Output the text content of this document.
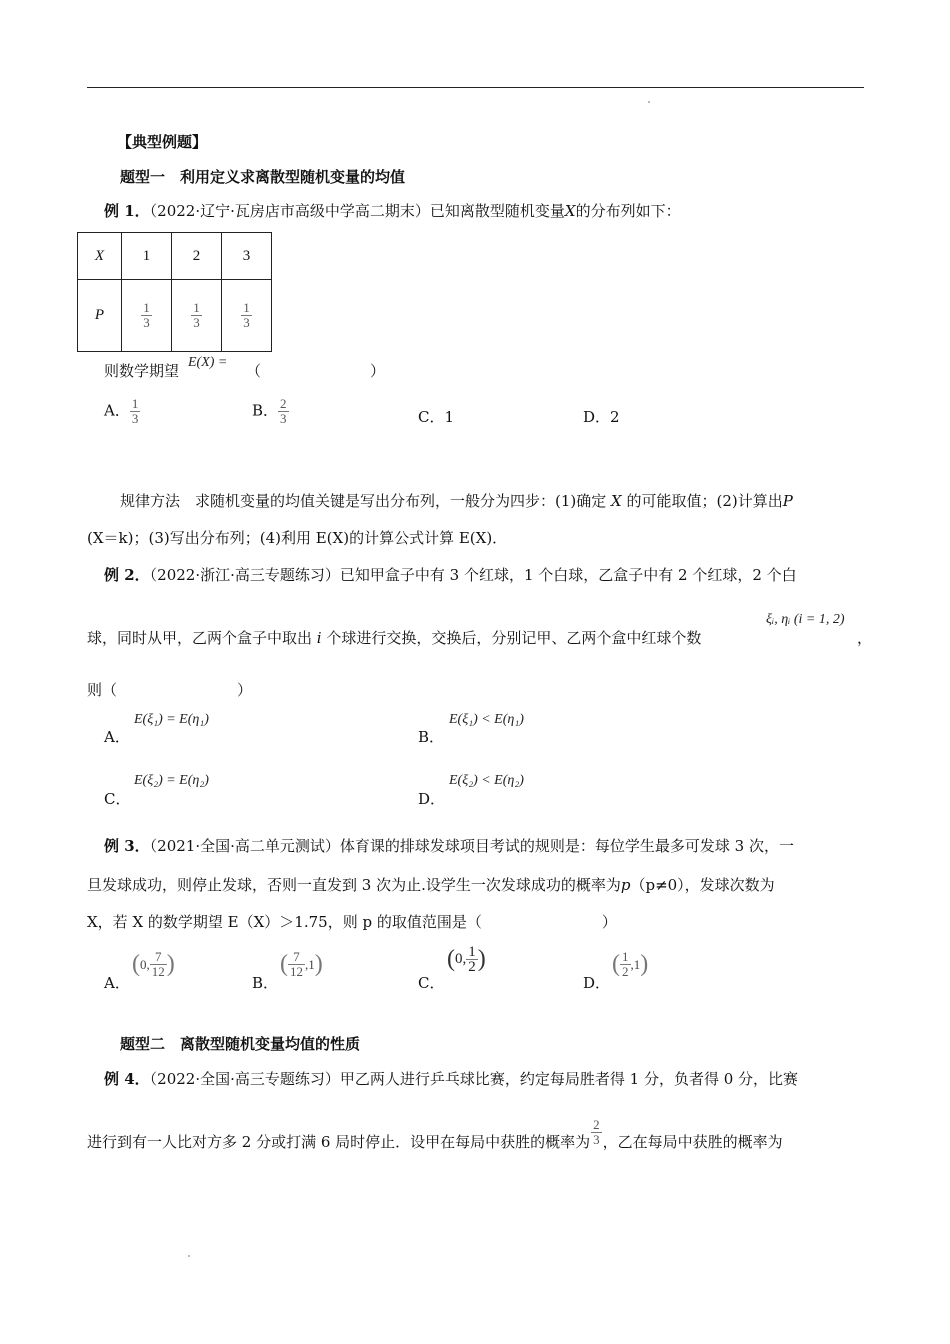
【典型例题】
题型一　利用定义求离散型随机变量的均值
例 1．（2022·辽宁·瓦房店市高级中学高二期末）已知离散型随机变量X的分布列如下：
X	1	2	3
P	$\frac{1}{3}$	$\frac{1}{3}$	$\frac{1}{3}$
则数学期望 E(X) = （	）
A． $\frac{1}{3}$	B． $\frac{2}{3}$	C．1	D．2
规律方法　求随机变量的均值关键是写出分布列，一般分为四步：(1)确定 X 的可能取值；(2)计算出P
(X＝k)；(3)写出分布列；(4)利用 E(X)的计算公式计算 E(X)．
例 2．（2022·浙江·高三专题练习）已知甲盒子中有 3 个红球，1 个白球，乙盒子中有 2 个红球，2 个白
球，同时从甲，乙两个盒子中取出 i 个球进行交换，交换后，分别记甲、乙两个盒中红球个数
ξᵢ, ηᵢ (i = 1, 2)
，
则（　　　　　　　　）
A．
E(ξ₁) = E(η₁)
B．
E(ξ₁) < E(η₁)
C．
E(ξ₂) = E(η₂)
D．
E(ξ₂) < E(η₂)
例 3．（2021·全国·高二单元测试）体育课的排球发球项目考试的规则是：每位学生最多可发球 3 次，一
旦发球成功，则停止发球，否则一直发到 3 次为止.设学生一次发球成功的概率为p（p≠0），发球次数为
X，若 X 的数学期望 E（X）＞1.75，则 p 的取值范围是（　　　　　　　　）
A．
( 0, $\frac{7}{12}$ )
B．
( $\frac{7}{12} ,1$ )
C．
( 0, $\frac{1}{2}$ )
D．
( $\frac{1}{2} ,1$ )
题型二　离散型随机变量均值的性质
例 4．（2022·全国·高三专题练习）甲乙两人进行乒乓球比赛，约定每局胜者得 1 分，负者得 0 分，比赛
进行到有一人比对方多 2 分或打满 6 局时停止．设甲在每局中获胜的概率为 $\frac{2}{3}$ ，乙在每局中获胜的概率为
